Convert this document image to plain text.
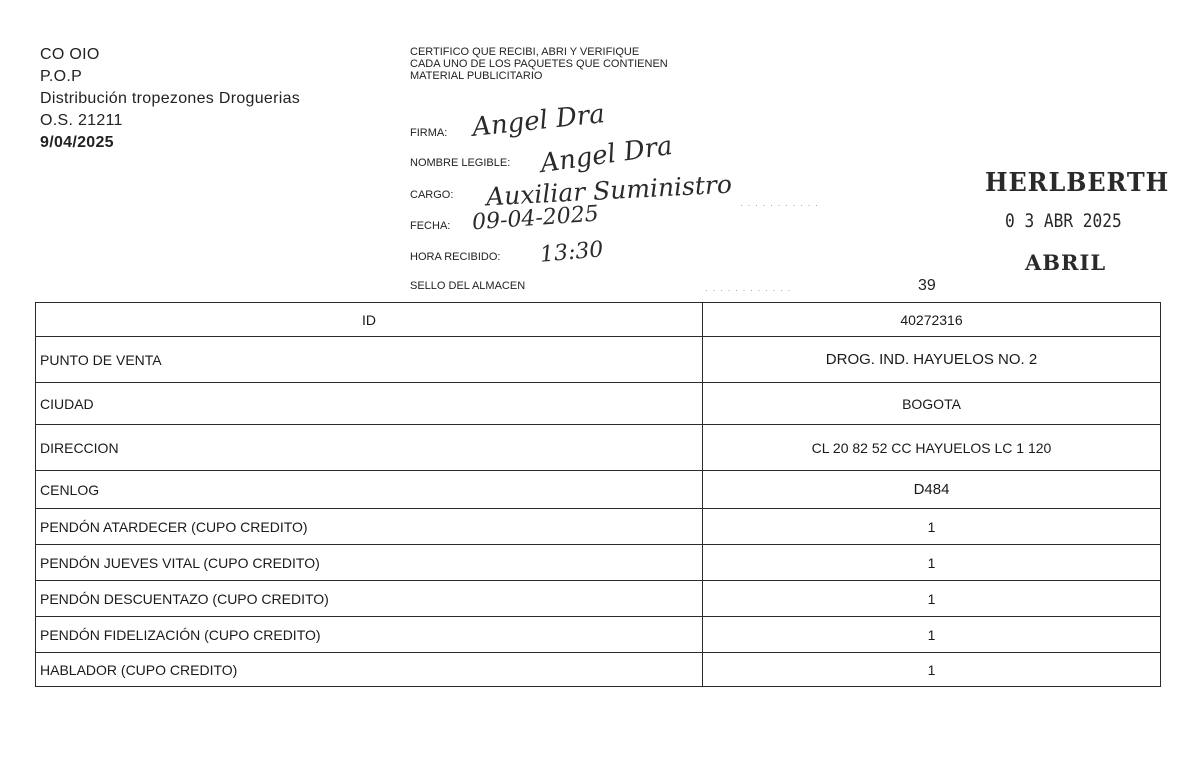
CO OIO
P.O.P
Distribución tropezones Droguerias
O.S. 21211
9/04/2025
CERTIFICO QUE RECIBI, ABRI Y VERIFIQUE
CADA UNO DE LOS PAQUETES QUE CONTIENEN MATERIAL PUBLICITARIO
FIRMA: Angel Dra
NOMBRE LEGIBLE: Angel Dra
CARGO: Auxiliar Suministro
FECHA: 09-04-2025
HORA RECIBIDO: 13:30
SELLO DEL ALMACEN
· · · · · · · · · · ·
· · · · · · · · · · · ·
HERLBERTH
0 3 ABR 2025
ABRIL
39
ID	40272316
PUNTO DE VENTA	DROG. IND. HAYUELOS NO. 2
CIUDAD	BOGOTA
DIRECCION	CL 20 82 52 CC HAYUELOS LC 1 120
CENLOG	D484
PENDÓN ATARDECER (CUPO CREDITO)	1
PENDÓN JUEVES VITAL (CUPO CREDITO)	1
PENDÓN DESCUENTAZO (CUPO CREDITO)	1
PENDÓN FIDELIZACIÓN (CUPO CREDITO)	1
HABLADOR (CUPO CREDITO)	1
